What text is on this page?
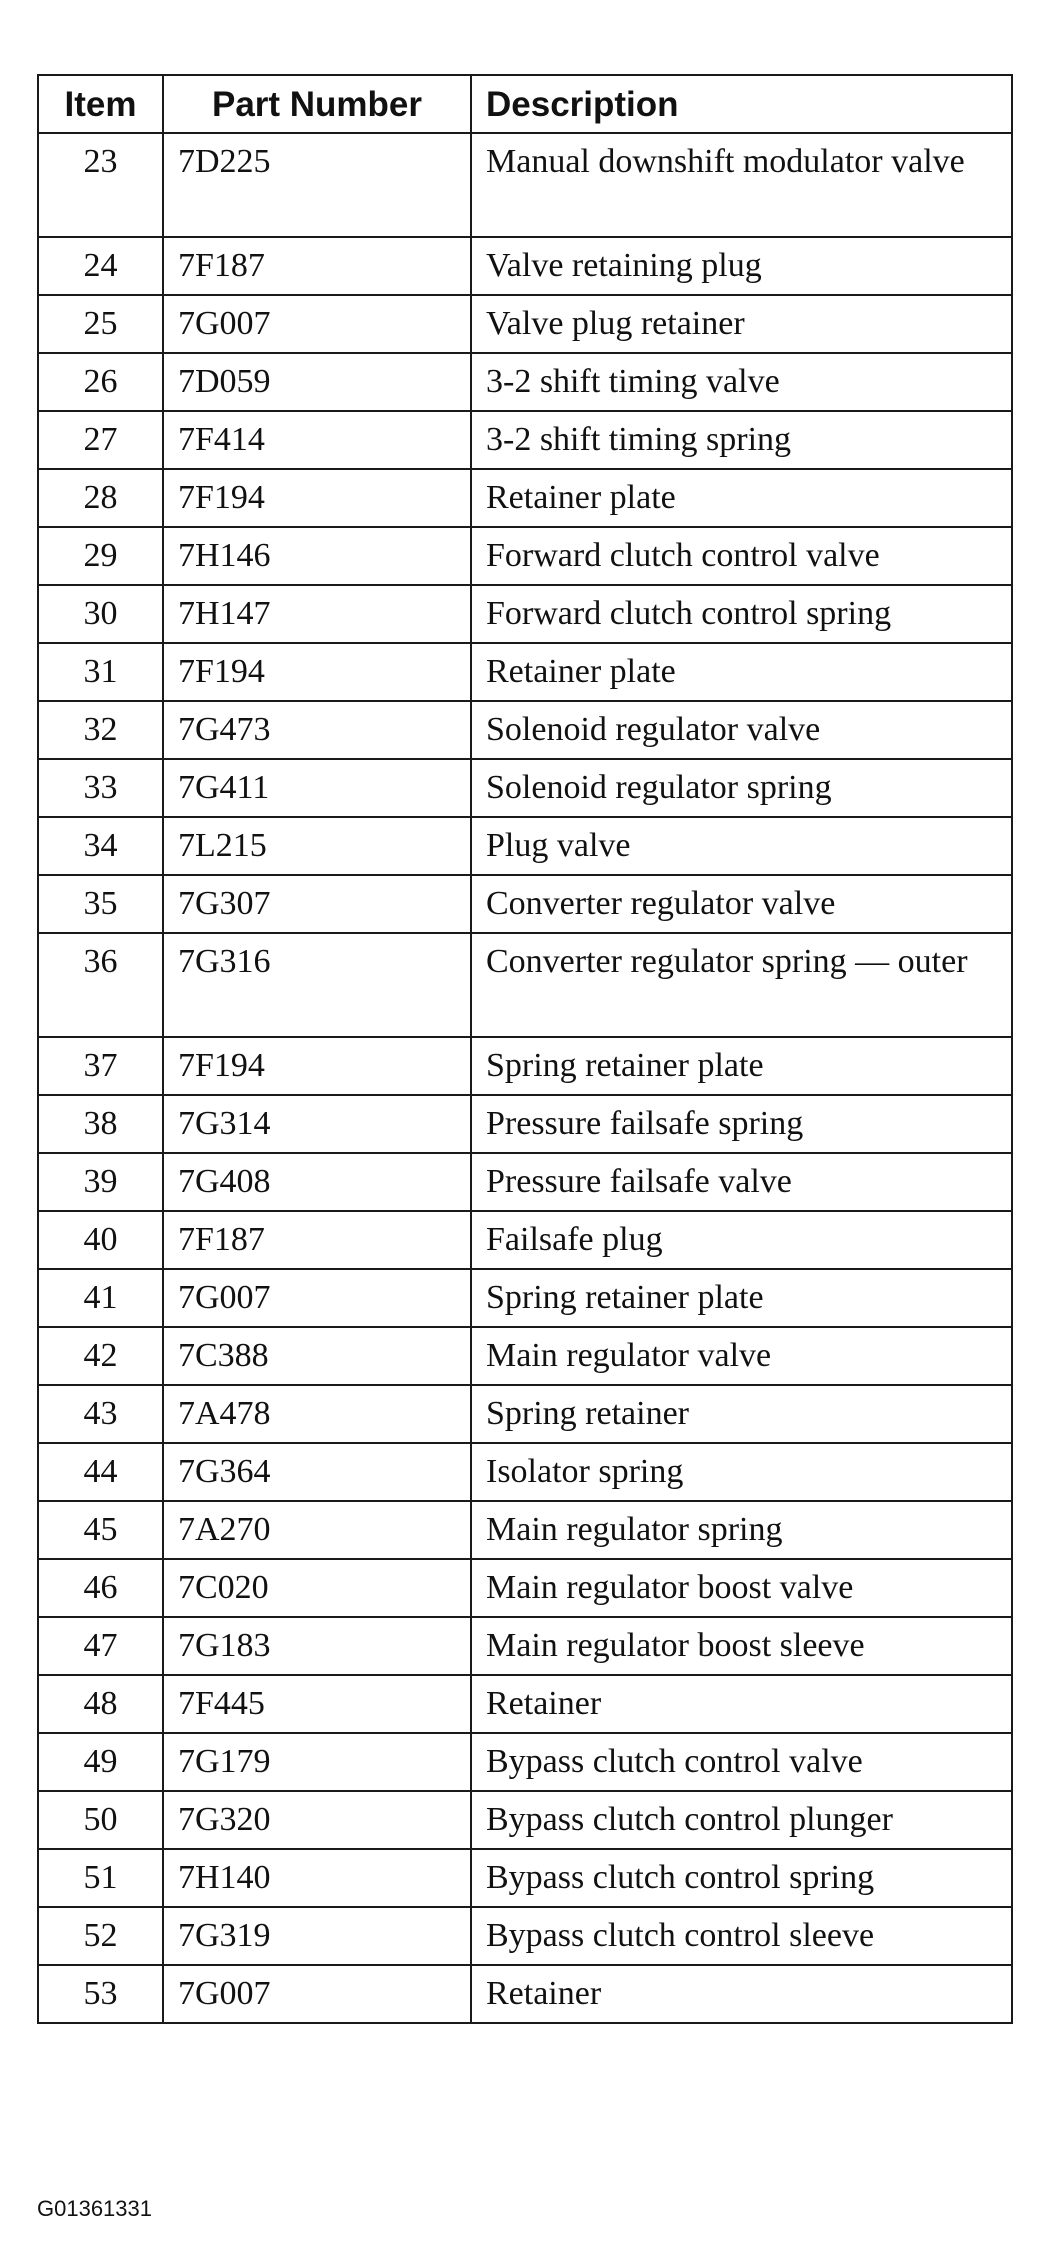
Item	Part Number	Description
23	7D225	Manual downshift modulator valve
24	7F187	Valve retaining plug
25	7G007	Valve plug retainer
26	7D059	3-2 shift timing valve
27	7F414	3-2 shift timing spring
28	7F194	Retainer plate
29	7H146	Forward clutch control valve
30	7H147	Forward clutch control spring
31	7F194	Retainer plate
32	7G473	Solenoid regulator valve
33	7G411	Solenoid regulator spring
34	7L215	Plug valve
35	7G307	Converter regulator valve
36	7G316	Converter regulator spring — outer
37	7F194	Spring retainer plate
38	7G314	Pressure failsafe spring
39	7G408	Pressure failsafe valve
40	7F187	Failsafe plug
41	7G007	Spring retainer plate
42	7C388	Main regulator valve
43	7A478	Spring retainer
44	7G364	Isolator spring
45	7A270	Main regulator spring
46	7C020	Main regulator boost valve
47	7G183	Main regulator boost sleeve
48	7F445	Retainer
49	7G179	Bypass clutch control valve
50	7G320	Bypass clutch control plunger
51	7H140	Bypass clutch control spring
52	7G319	Bypass clutch control sleeve
53	7G007	Retainer
G01361331
